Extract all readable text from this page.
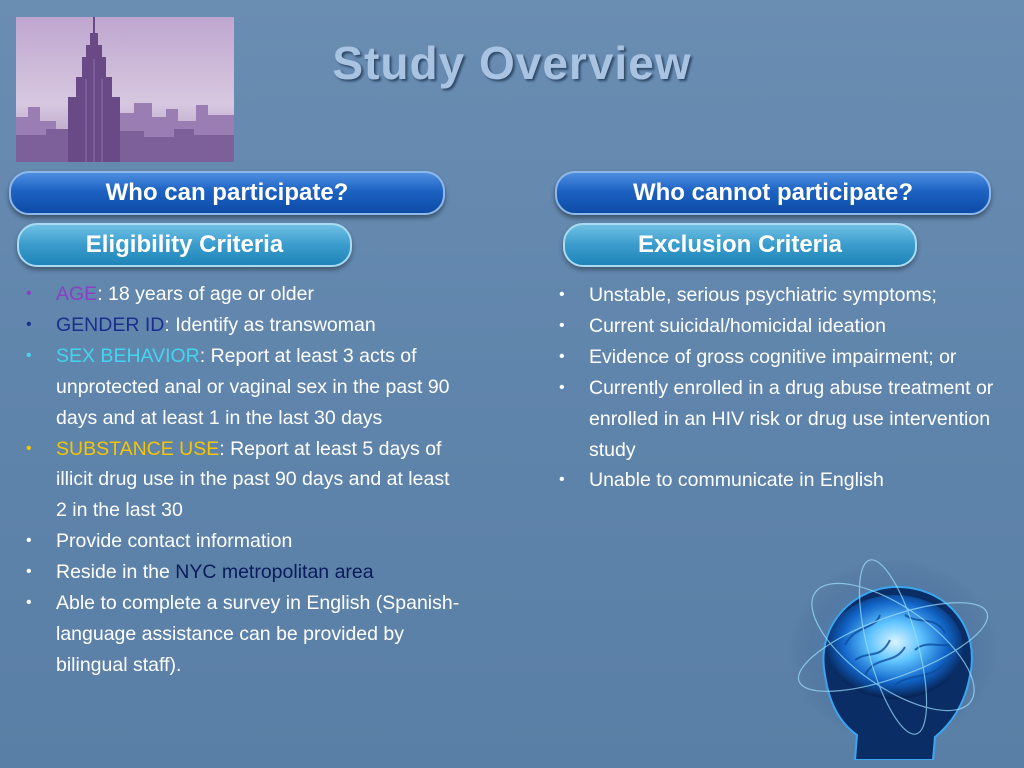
Study Overview
Who can participate?
Eligibility Criteria
• AGE: 18 years of age or older
• GENDER ID: Identify as transwoman
• SEX BEHAVIOR: Report at least 3 acts of unprotected anal or vaginal sex in the past 90 days and at least 1 in the last 30 days
• SUBSTANCE USE: Report at least 5 days of illicit drug use in the past 90 days and at least 2 in the last 30
• Provide contact information
• Reside in the NYC metropolitan area
• Able to complete a survey in English (Spanish-language assistance can be provided by bilingual staff).
Who cannot participate?
Exclusion Criteria
• Unstable, serious psychiatric symptoms;
• Current suicidal/homicidal ideation
• Evidence of gross cognitive impairment; or
• Currently enrolled in a drug abuse treatment or enrolled in an HIV risk or drug use intervention study
• Unable to communicate in English
